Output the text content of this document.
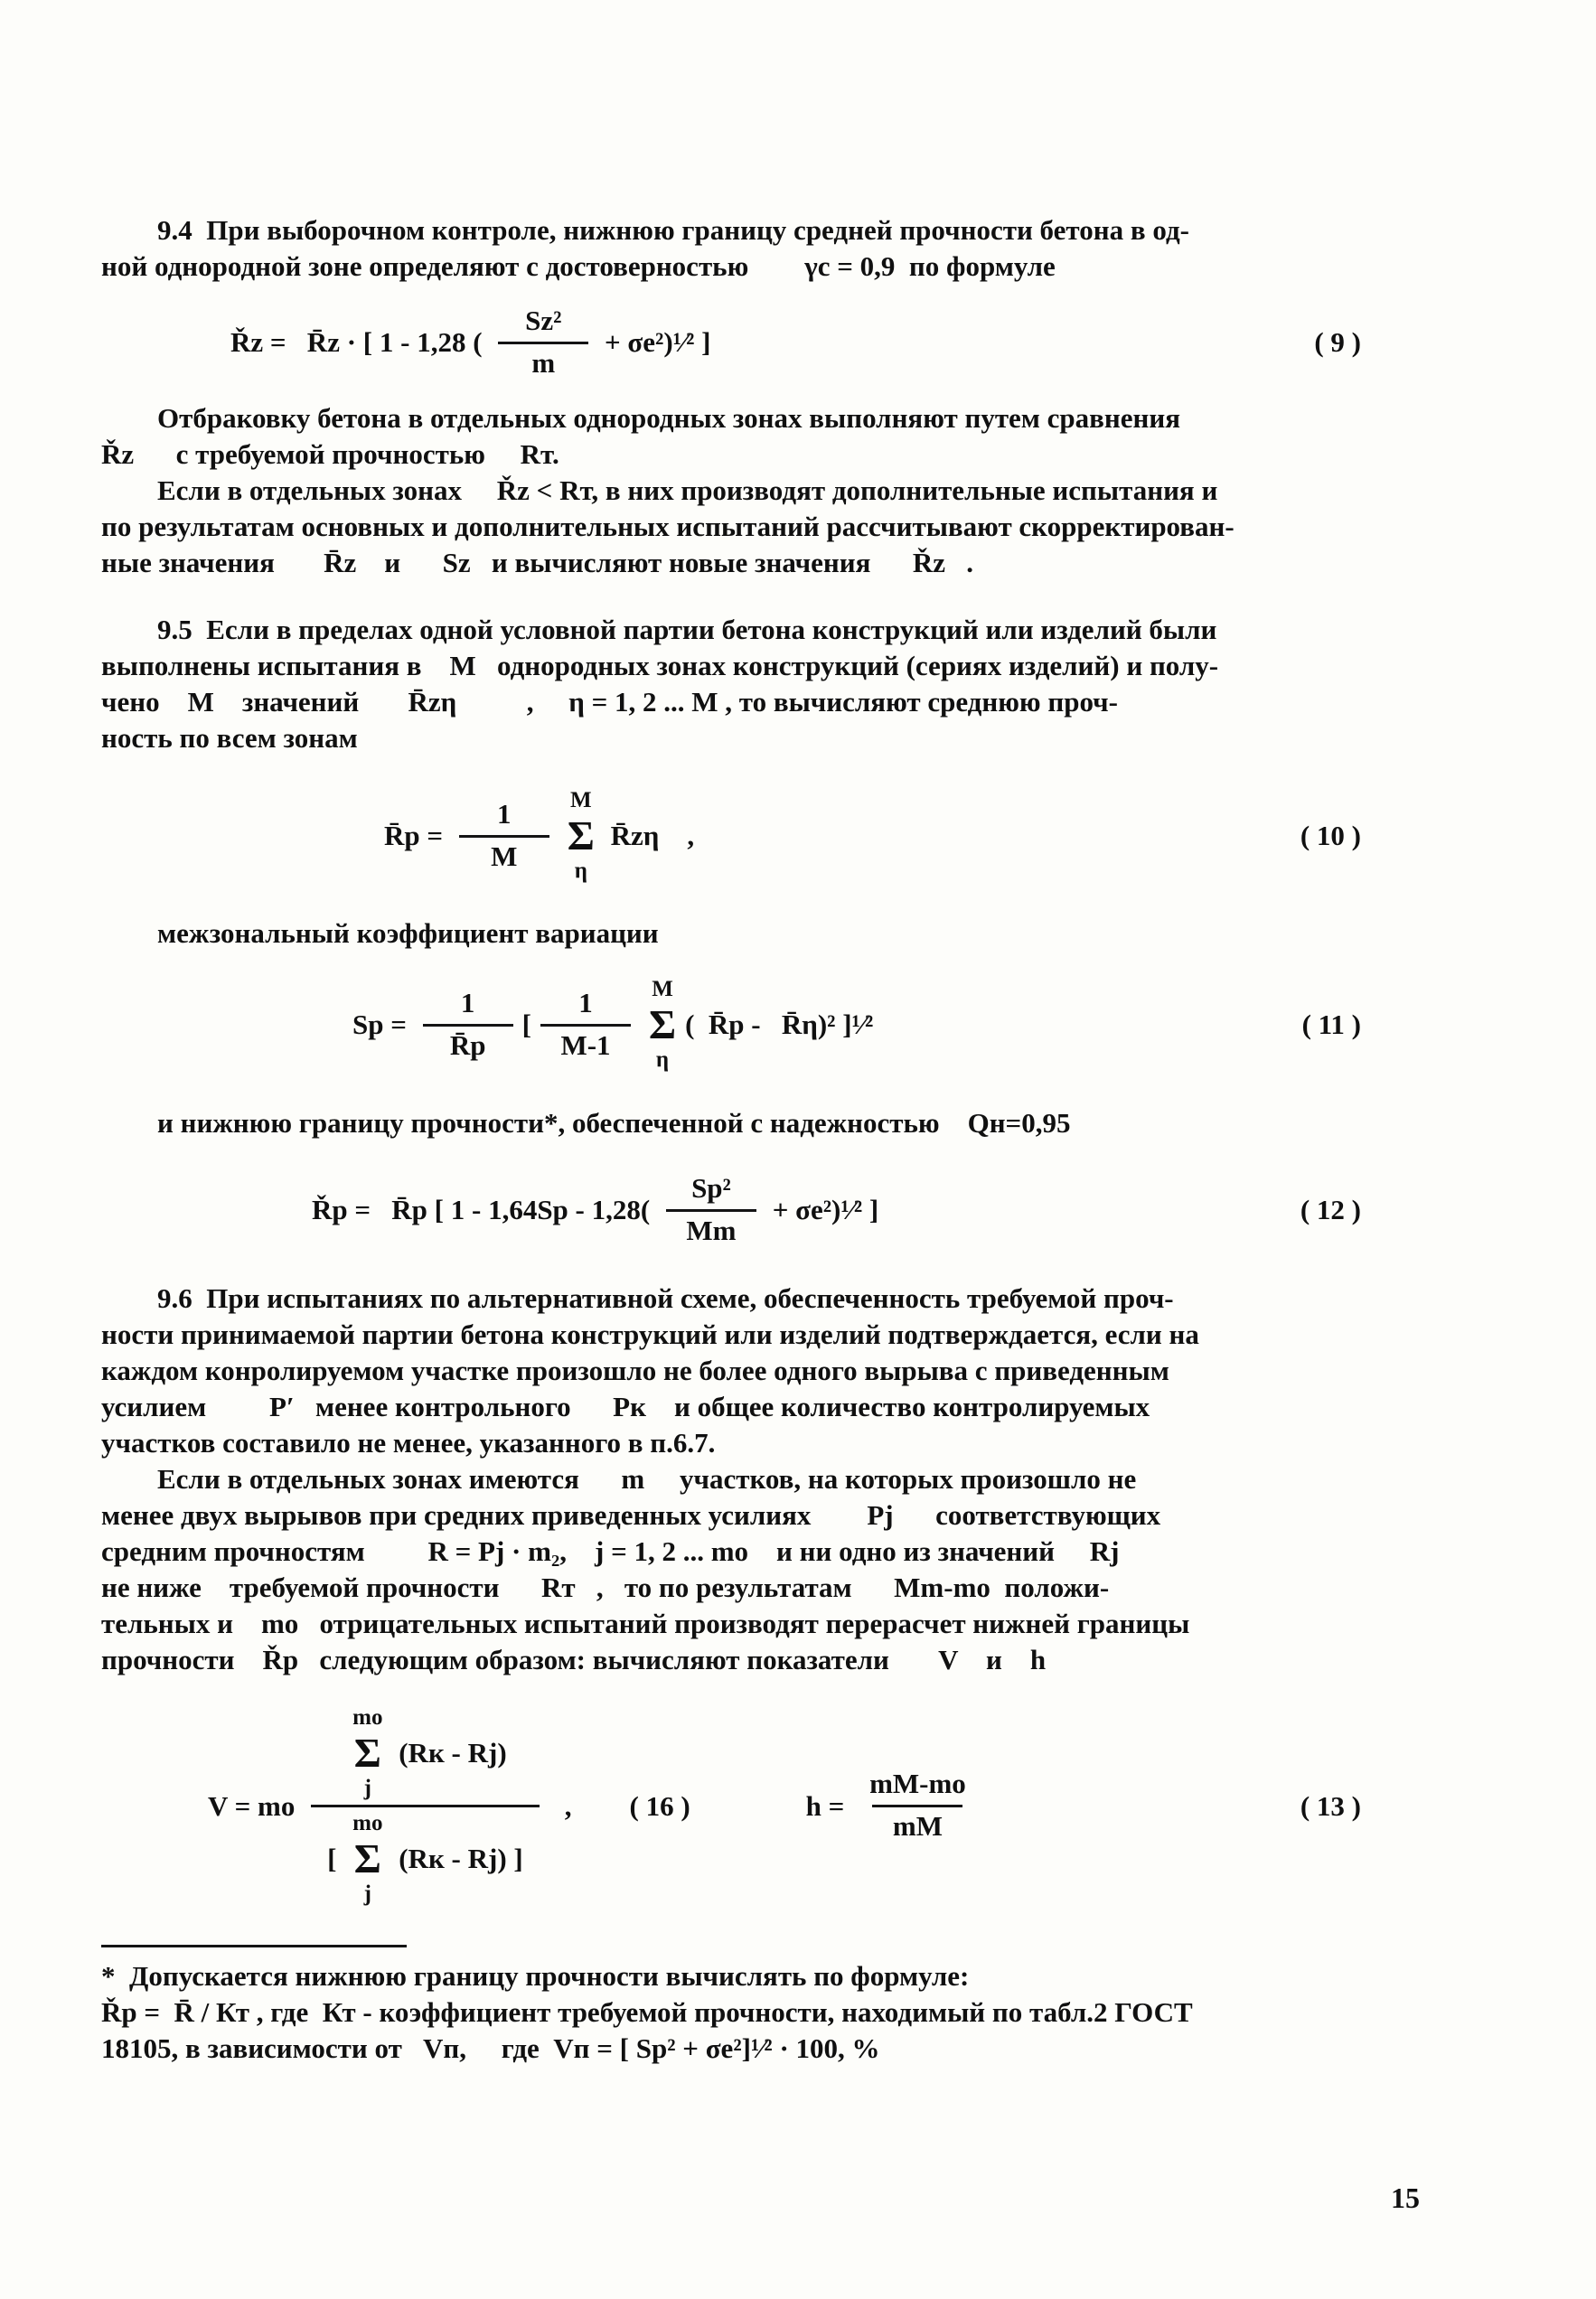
9.4  При выборочном контроле, нижнюю границу средней прочности бетона в од-
ной однородной зоне определяют с достоверностью        γс = 0,9  по формуле
Řz =   R̄z · [ 1 - 1,28 ( $\frac{\text{Sz²}}{m}$ + σе²)¹⁄² ]	( 9 )
Отбраковку бетона в отдельных однородных зонах выполняют путем сравнения
Řz      с требуемой прочностью     Rт.
Если в отдельных зонах     Řz < Rт, в них производят дополнительные испытания и
по результатам основных и дополнительных испытаний рассчитывают скорректирован-
ные значения       R̄z    и      Sz   и вычисляют новые значения      Řz   .
9.5  Если в пределах одной условной партии бетона конструкций или изделий были
выполнены испытания в    М   однородных зонах конструкций (сериях изделий) и полу-
чено    М    значений       R̄zη          ,     η = 1, 2 ... М , то вычисляют среднюю проч-
ность по всем зонам
R̄p = $\frac{1}{М}$ М
Σ
η
R̄zη    ,	( 10 )
межзональный коэффициент вариации
$Sp = \frac{1}{R̄p}$ [ $\frac{1}{М-1}$ М
Σ
η
(  R̄p -   R̄η)² ]¹⁄²	( 11 )
и нижнюю границу прочности*, обеспеченной с надежностью    Qн=0,95
Řp =   R̄p [ $1 - 1,64Sp - 1,28( \frac{\text{Sp²}}{Мm}$ + σе²)¹⁄² ]	( 12 )
9.6  При испытаниях по альтернативной схеме, обеспеченность требуемой проч-
ности принимаемой партии бетона конструкций или изделий подтверждается, если на
каждом конролируемом участке произошло не более одного вырыва с приведенным
усилием         Р′   менее контрольного      Рк    и общее количество контролируемых
участков составило не менее, указанного в п.6.7.
Если в отдельных зонах имеются      m     участков, на которых произошло не
менее двух вырывов при средних приведенных усилиях        Рj      соответствующих
средним прочностям         R = Рj · m₂,    j = 1, 2 ... mо    и ни одно из значений     Rj
не ниже    требуемой прочности      Rт   ,   то по результатам      Mm-mо  положи-
тельных и    mо   отрицательных испытаний производят перерасчет нижней границы
прочности    Řp   следующим образом: вычисляют показатели       V    и    h
V = mо
mо
Σ
j
(Rк - Rj)
[
mо
Σ
j
(Rк - Rj) ]
, ( 16 )	$h = \frac{mM-mо}{mM}$	( 13 )
*  Допускается нижнюю границу прочности вычислять по формуле:
Řp =  R̄ / Кт , где  Кт - коэффициент требуемой прочности, находимый по табл.2 ГОСТ
18105, в зависимости от   Vп,     где  Vп = [ Sp² + σе²]¹⁄² · 100, %
15
